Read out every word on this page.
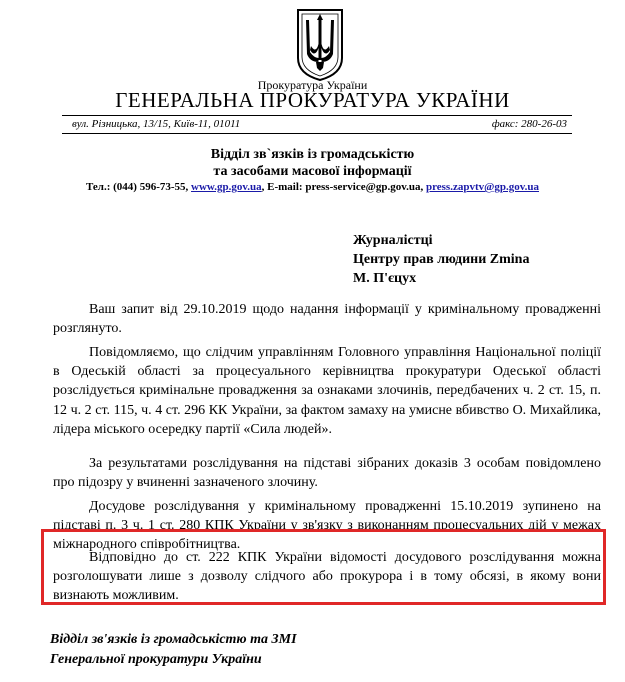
Прокуратура України
ГЕНЕРАЛЬНА ПРОКУРАТУРА УКРАЇНИ
вул. Різницька, 13/15, Київ-11, 01011	факс: 280-26-03
Відділ зв`язків із громадськістю
та засобами масової інформації
Тел.: (044) 596-73-55, www.gp.gov.ua, E-mail: press-service@gp.gov.ua, press.zapvtv@gp.gov.ua
Журналістці
Центру прав людини Zmina
М. П'єцух

Ваш запит від 29.10.2019 щодо надання інформації у кримінальному провадженні розглянуто.

Повідомляємо, що слідчим управлінням Головного управління Національної поліції в Одеській області за процесуального керівництва прокуратури Одеської області розслідується кримінальне провадження за ознаками злочинів, передбачених ч. 2 ст. 15, п. 12 ч. 2 ст. 115, ч. 4 ст. 296 КК України, за фактом замаху на умисне вбивство О. Михайлика, лідера міського осередку партії «Сила людей».

За результатами розслідування на підставі зібраних доказів 3 особам повідомлено про підозру у вчиненні зазначеного злочину.

Досудове розслідування у кримінальному провадженні 15.10.2019 зупинено на підставі п. 3 ч. 1 ст. 280 КПК України у зв'язку з виконанням процесуальних дій у межах міжнародного співробітництва.

Відповідно до ст. 222 КПК України відомості досудового розслідування можна розголошувати лише з дозволу слідчого або прокурора і в тому обсязі, в якому вони визнають можливим.

Відділ зв'язків із громадськістю та ЗМІ
Генеральної прокуратури України
